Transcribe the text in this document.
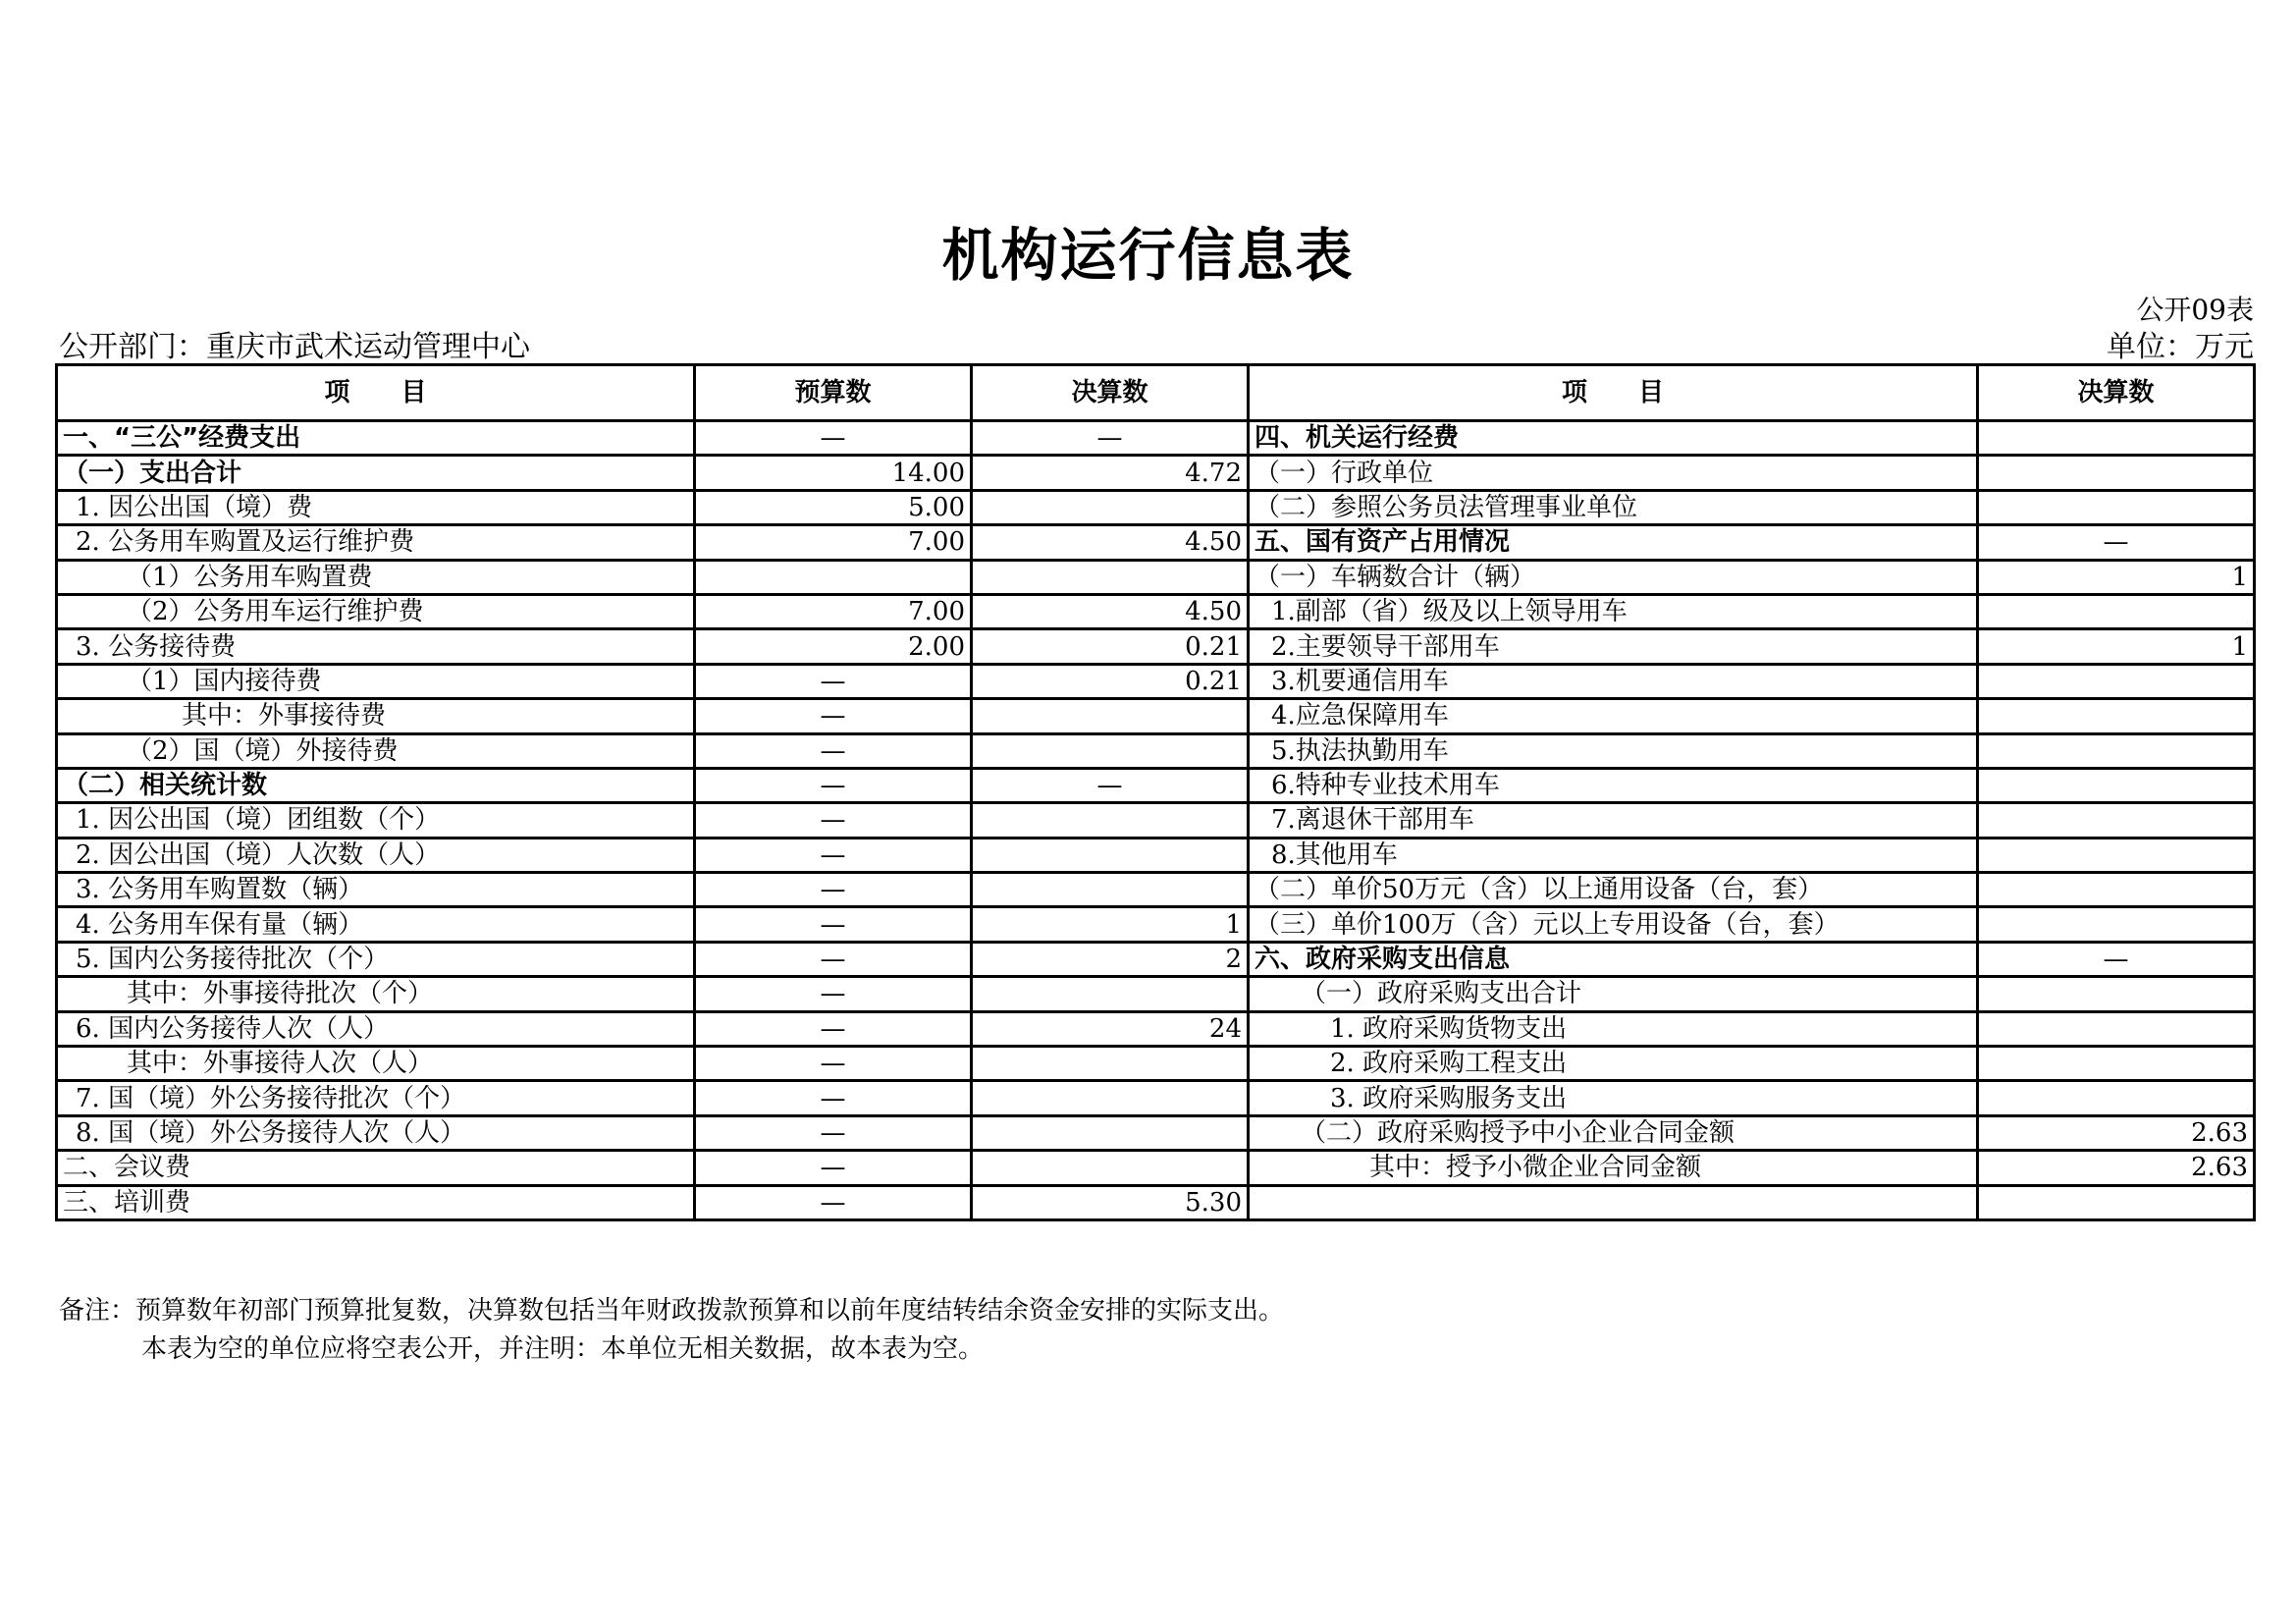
机构运行信息表
公开09表
公开部门：重庆市武术运动管理中心	单位：万元
项　　目	预算数	决算数	项　　目	决算数
一、“三公”经费支出	—	—	四、机关运行经费	
（一）支出合计	14.00	4.72	（一）行政单位	
1. 因公出国（境）费	5.00		（二）参照公务员法管理事业单位	
2. 公务用车购置及运行维护费	7.00	4.50	五、国有资产占用情况	—
（1）公务用车购置费			（一）车辆数合计（辆）	1
（2）公务用车运行维护费	7.00	4.50	1.副部（省）级及以上领导用车	
3. 公务接待费	2.00	0.21	2.主要领导干部用车	1
（1）国内接待费	—	0.21	3.机要通信用车	
其中：外事接待费	—		4.应急保障用车	
（2）国（境）外接待费	—		5.执法执勤用车	
（二）相关统计数	—	—	6.特种专业技术用车	
1. 因公出国（境）团组数（个）	—		7.离退休干部用车	
2. 因公出国（境）人次数（人）	—		8.其他用车	
3. 公务用车购置数（辆）	—		（二）单价50万元（含）以上通用设备（台，套）	
4. 公务用车保有量（辆）	—	1	（三）单价100万（含）元以上专用设备（台，套）	
5. 国内公务接待批次（个）	—	2	六、政府采购支出信息	—
其中：外事接待批次（个）	—		（一）政府采购支出合计	
6. 国内公务接待人次（人）	—	24	1. 政府采购货物支出	
其中：外事接待人次（人）	—		2. 政府采购工程支出	
7. 国（境）外公务接待批次（个）	—		3. 政府采购服务支出	
8. 国（境）外公务接待人次（人）	—		（二）政府采购授予中小企业合同金额	2.63
二、会议费	—		其中：授予小微企业合同金额	2.63
三、培训费	—	5.30		
备注：预算数年初部门预算批复数，决算数包括当年财政拨款预算和以前年度结转结余资金安排的实际支出。
本表为空的单位应将空表公开，并注明：本单位无相关数据，故本表为空。
